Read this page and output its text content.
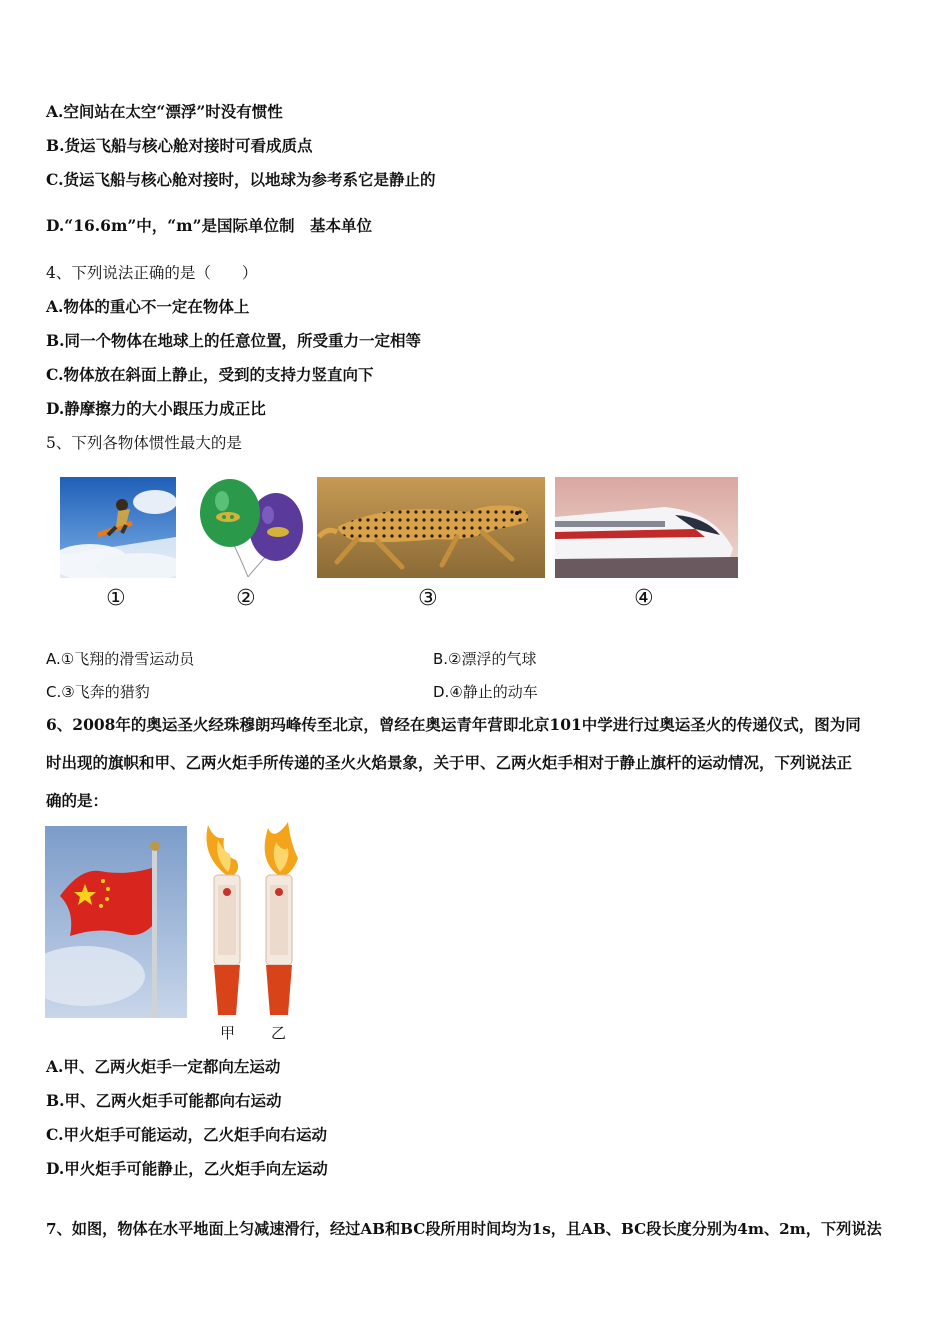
A.空间站在太空“漂浮”时没有惯性
B.货运飞船与核心舱对接时可看成质点
C.货运飞船与核心舱对接时，以地球为参考系它是静止的
D.“16.6m”中，“m”是国际单位制　基本单位
4、下列说法正确的是（　　）
A.物体的重心不一定在物体上
B.同一个物体在地球上的任意位置，所受重力一定相等
C.物体放在斜面上静止，受到的支持力竖直向下
D.静摩擦力的大小跟压力成正比
5、下列各物体惯性最大的是
①	②	③	④
A.①飞翔的滑雪运动员	B.②漂浮的气球
C.③飞奔的猎豹	D.④静止的动车
6、2008年的奥运圣火经珠穆朗玛峰传至北京，曾经在奥运青年营即北京101中学进行过奥运圣火的传递仪式，图为同
时出现的旗帜和甲、乙两火炬手所传递的圣火火焰景象，关于甲、乙两火炬手相对于静止旗杆的运动情况，下列说法正
确的是：
甲 乙
A.甲、乙两火炬手一定都向左运动
B.甲、乙两火炬手可能都向右运动
C.甲火炬手可能运动，乙火炬手向右运动
D.甲火炬手可能静止，乙火炬手向左运动
7、如图，物体在水平地面上匀减速滑行，经过AB和BC段所用时间均为1s，且AB、BC段长度分别为4m、2m，下列说法
